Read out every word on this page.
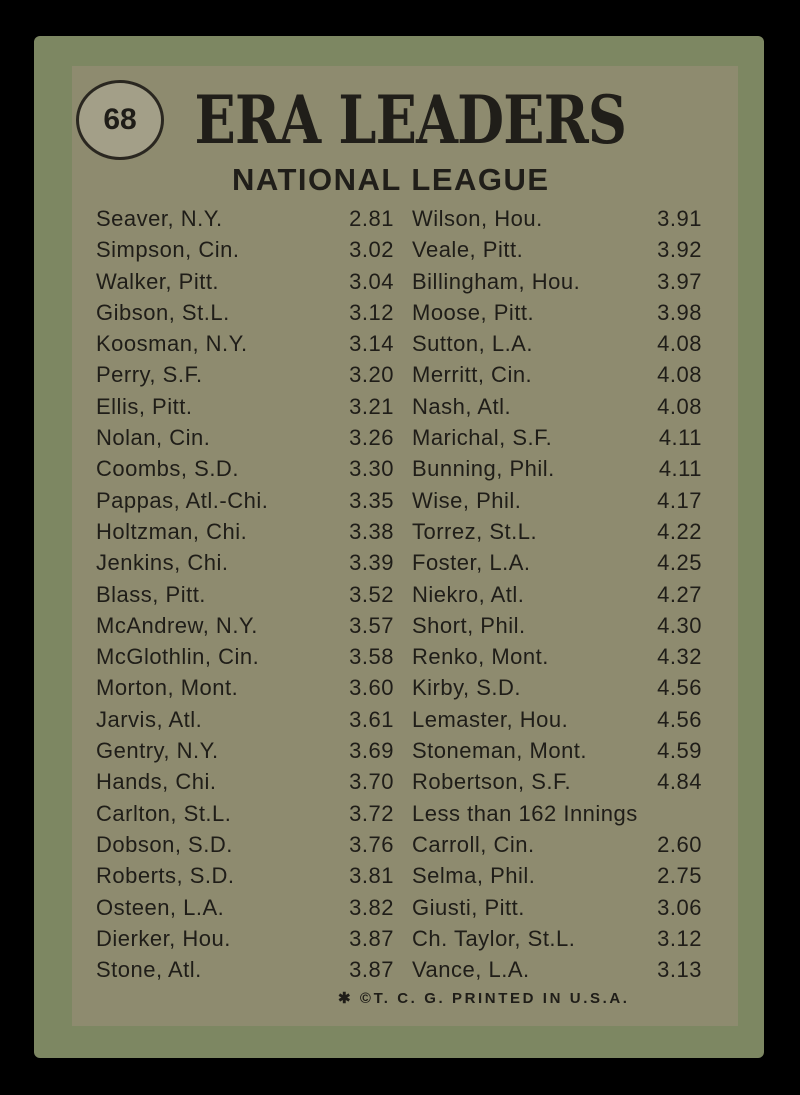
68 ERA LEADERS
NATIONAL LEAGUE
Seaver, N.Y.	2.81
Simpson, Cin.	3.02
Walker, Pitt.	3.04
Gibson, St.L.	3.12
Koosman, N.Y.	3.14
Perry, S.F.	3.20
Ellis, Pitt.	3.21
Nolan, Cin.	3.26
Coombs, S.D.	3.30
Pappas, Atl.-Chi.	3.35
Holtzman, Chi.	3.38
Jenkins, Chi.	3.39
Blass, Pitt.	3.52
McAndrew, N.Y.	3.57
McGlothlin, Cin.	3.58
Morton, Mont.	3.60
Jarvis, Atl.	3.61
Gentry, N.Y.	3.69
Hands, Chi.	3.70
Carlton, St.L.	3.72
Dobson, S.D.	3.76
Roberts, S.D.	3.81
Osteen, L.A.	3.82
Dierker, Hou.	3.87
Stone, Atl.	3.87
Wilson, Hou.	3.91
Veale, Pitt.	3.92
Billingham, Hou.	3.97
Moose, Pitt.	3.98
Sutton, L.A.	4.08
Merritt, Cin.	4.08
Nash, Atl.	4.08
Marichal, S.F.	4.11
Bunning, Phil.	4.11
Wise, Phil.	4.17
Torrez, St.L.	4.22
Foster, L.A.	4.25
Niekro, Atl.	4.27
Short, Phil.	4.30
Renko, Mont.	4.32
Kirby, S.D.	4.56
Lemaster, Hou.	4.56
Stoneman, Mont.	4.59
Robertson, S.F.	4.84
Less than 162 Innings
Carroll, Cin.	2.60
Selma, Phil.	2.75
Giusti, Pitt.	3.06
Ch. Taylor, St.L.	3.12
Vance, L.A.	3.13
✱ ©T. C. G. PRINTED IN U.S.A.
